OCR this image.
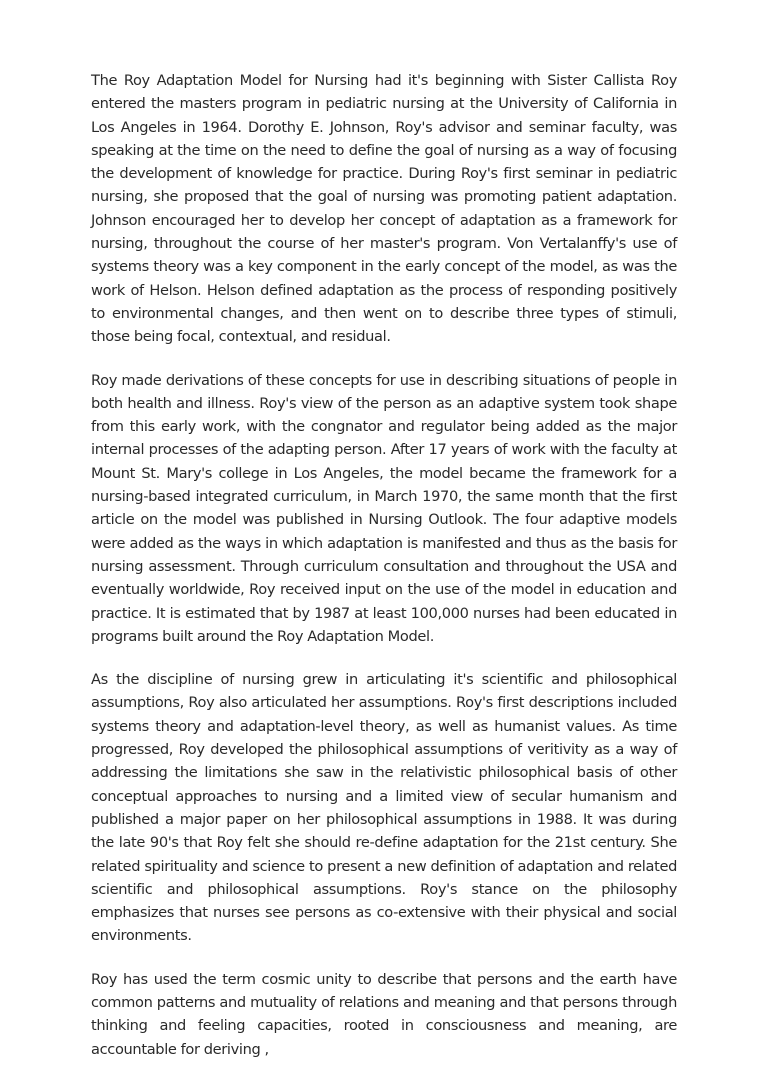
The Roy Adaptation Model for Nursing had it's beginning with Sister Callista Roy entered the masters program in pediatric nursing at the University of California in Los Angeles in 1964. Dorothy E. Johnson, Roy's advisor and seminar faculty, was speaking at the time on the need to define the goal of nursing as a way of focusing the development of knowledge for practice. During Roy's first seminar in pediatric nursing, she proposed that the goal of nursing was promoting patient adaptation. Johnson encouraged her to develop her concept of adaptation as a framework for nursing, throughout the course of her master's program. Von Vertalanffy's use of systems theory was a key component in the early concept of the model, as was the work of Helson. Helson defined adaptation as the process of responding positively to environmental changes, and then went on to describe three types of stimuli, those being focal, contextual, and residual.

Roy made derivations of these concepts for use in describing situations of people in both health and illness. Roy's view of the person as an adaptive system took shape from this early work, with the congnator and regulator being added as the major internal processes of the adapting person. After 17 years of work with the faculty at Mount St. Mary's college in Los Angeles, the model became the framework for a nursing-based integrated curriculum, in March 1970, the same month that the first article on the model was published in Nursing Outlook. The four adaptive models were added as the ways in which adaptation is manifested and thus as the basis for nursing assessment. Through curriculum consultation and throughout the USA and eventually worldwide, Roy received input on the use of the model in education and practice. It is estimated that by 1987 at least 100,000 nurses had been educated in programs built around the Roy Adaptation Model.

As the discipline of nursing grew in articulating it's scientific and philosophical assumptions, Roy also articulated her assumptions. Roy's first descriptions included systems theory and adaptation-level theory, as well as humanist values. As time progressed, Roy developed the philosophical assumptions of veritivity as a way of addressing the limitations she saw in the relativistic philosophical basis of other conceptual approaches to nursing and a limited view of secular humanism and published a major paper on her philosophical assumptions in 1988. It was during the late 90's that Roy felt she should re-define adaptation for the 21st century. She related spirituality and science to present a new definition of adaptation and related scientific and philosophical assumptions. Roy's stance on the philosophy emphasizes that nurses see persons as co-extensive with their physical and social environments.

Roy has used the term cosmic unity to describe that persons and the earth have common patterns and mutuality of relations and meaning and that persons through thinking and feeling capacities, rooted in consciousness and meaning, are accountable for deriving ,
